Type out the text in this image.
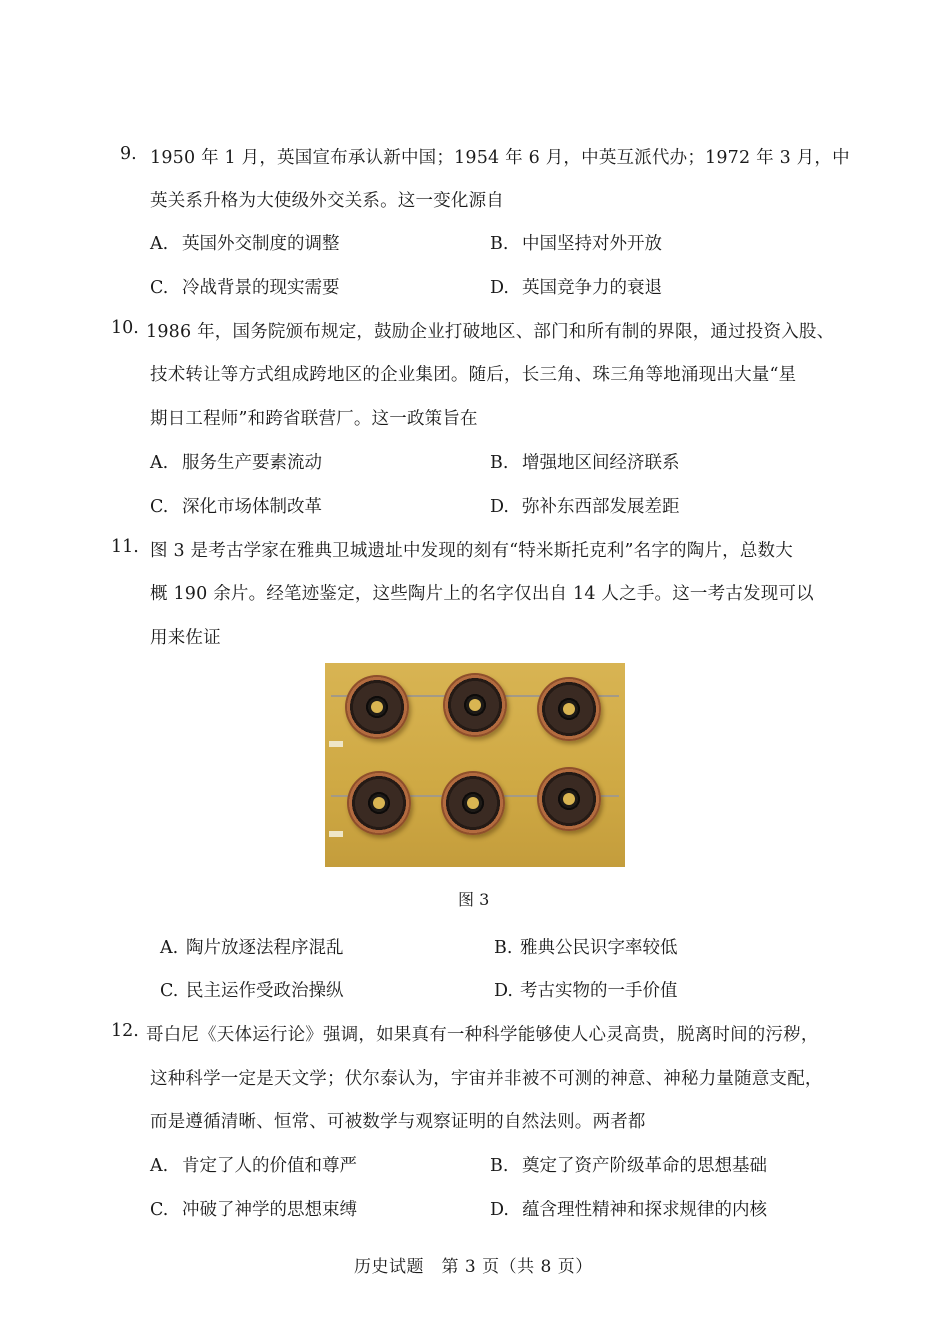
9. 1950 年 1 月，英国宣布承认新中国；1954 年 6 月，中英互派代办；1972 年 3 月，中
英关系升格为大使级外交关系。这一变化源自
A. 英国外交制度的调整	B. 中国坚持对外开放
C. 冷战背景的现实需要	D. 英国竞争力的衰退
10. 1986 年，国务院颁布规定，鼓励企业打破地区、部门和所有制的界限，通过投资入股、
技术转让等方式组成跨地区的企业集团。随后，长三角、珠三角等地涌现出大量“星
期日工程师”和跨省联营厂。这一政策旨在
A. 服务生产要素流动	B. 增强地区间经济联系
C. 深化市场体制改革	D. 弥补东西部发展差距
11. 图 3 是考古学家在雅典卫城遗址中发现的刻有“特米斯托克利”名字的陶片，总数大
概 190 余片。经笔迹鉴定，这些陶片上的名字仅出自 14 人之手。这一考古发现可以
用来佐证
图 3
A. 陶片放逐法程序混乱	B. 雅典公民识字率较低
C. 民主运作受政治操纵	D. 考古实物的一手价值
12. 哥白尼《天体运行论》强调，如果真有一种科学能够使人心灵高贵，脱离时间的污秽，
这种科学一定是天文学；伏尔泰认为，宇宙并非被不可测的神意、神秘力量随意支配，
而是遵循清晰、恒常、可被数学与观察证明的自然法则。两者都
A. 肯定了人的价值和尊严	B. 奠定了资产阶级革命的思想基础
C. 冲破了神学的思想束缚	D. 蕴含理性精神和探求规律的内核
历史试题　第 3 页（共 8 页）
